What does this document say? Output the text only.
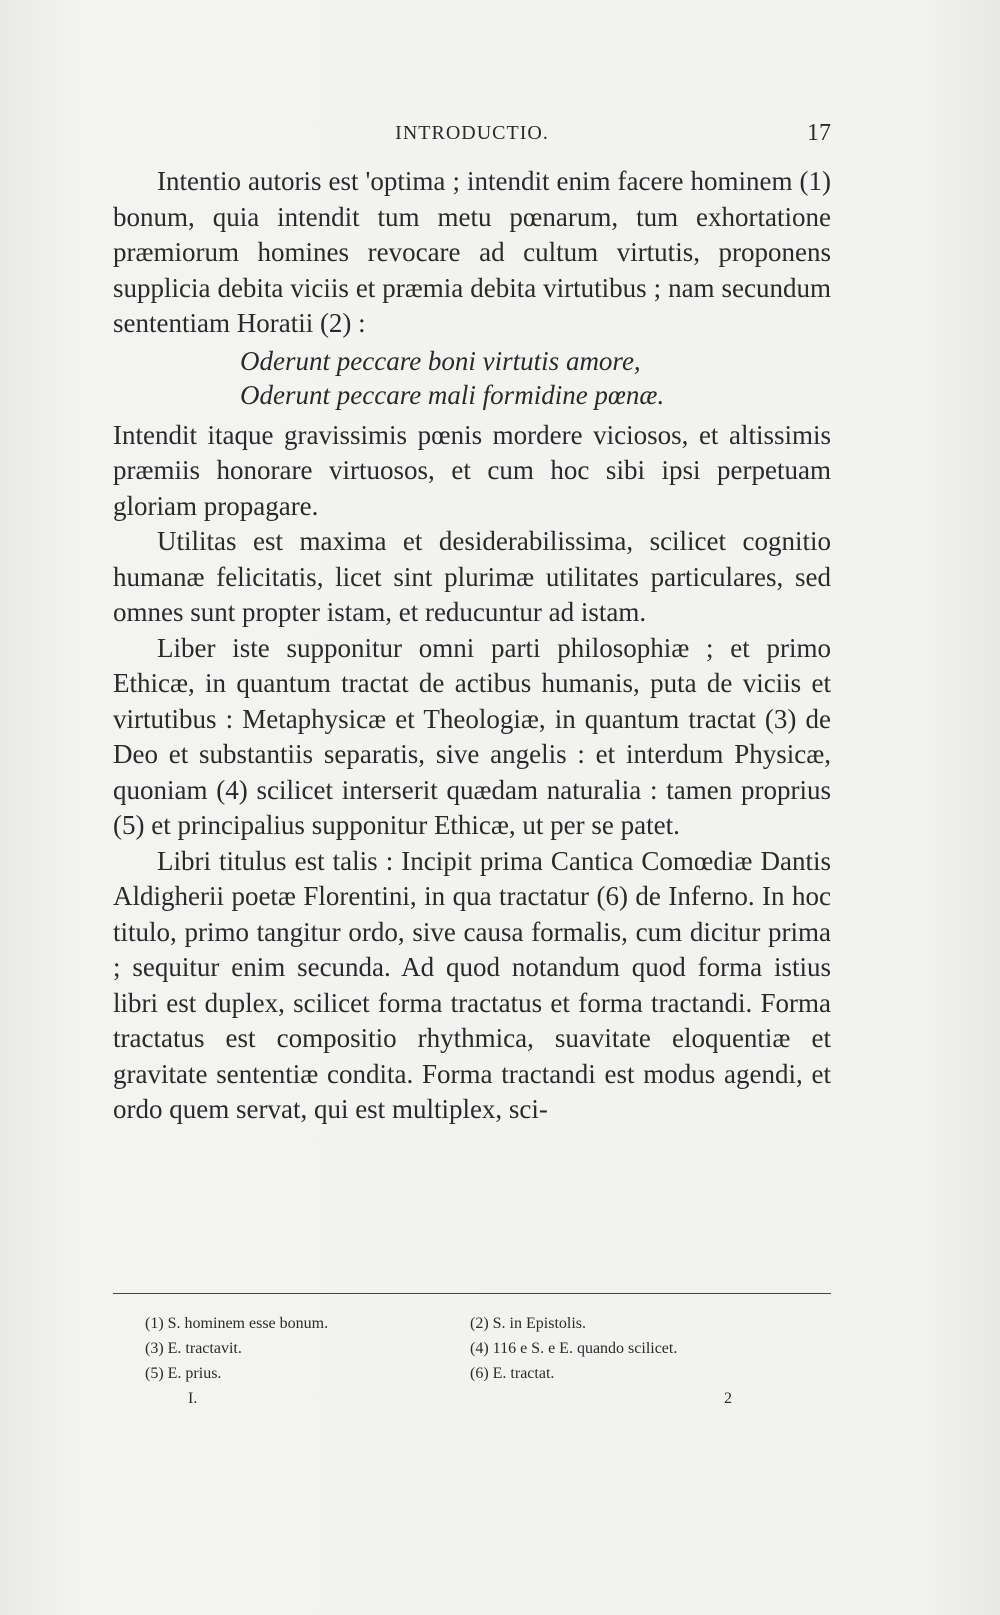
INTRODUCTIO.	17

Intentio autoris est 'optima ; intendit enim facere hominem (1) bonum, quia intendit tum metu pœnarum, tum exhortatione præmiorum homines revocare ad cultum virtutis, proponens supplicia debita viciis et præmia debita virtutibus ; nam secundum sententiam Horatii (2) :

Oderunt peccare boni virtutis amore,

Oderunt peccare mali formidine pœnæ.

Intendit itaque gravissimis pœnis mordere viciosos, et altissimis præmiis honorare virtuosos, et cum hoc sibi ipsi perpetuam gloriam propagare.

Utilitas est maxima et desiderabilissima, scilicet cognitio humanæ felicitatis, licet sint plurimæ utilitates particulares, sed omnes sunt propter istam, et reducuntur ad istam.

Liber iste supponitur omni parti philosophiæ ; et primo Ethicæ, in quantum tractat de actibus humanis, puta de viciis et virtutibus : Metaphysicæ et Theologiæ, in quantum tractat (3) de Deo et substantiis separatis, sive angelis : et interdum Physicæ, quoniam (4) scilicet interserit quædam naturalia : tamen proprius (5) et principalius supponitur Ethicæ, ut per se patet.

Libri titulus est talis : Incipit prima Cantica Comœdiæ Dantis Aldigherii poetæ Florentini, in qua tractatur (6) de Inferno. In hoc titulo, primo tangitur ordo, sive causa formalis, cum dicitur prima ; sequitur enim secunda. Ad quod notandum quod forma istius libri est duplex, scilicet forma tractatus et forma tractandi. Forma tractatus est compositio rhythmica, suavitate eloquentiæ et gravitate sententiæ condita. Forma tractandi est modus agendi, et ordo quem servat, qui est multiplex, sci-

(1) S. hominem esse bonum.	(2) S. in Epistolis.
(3) E. tractavit.	(4) 116 e S. e E. quando scilicet.
(5) E. prius.	(6) E. tractat.
I.	2
